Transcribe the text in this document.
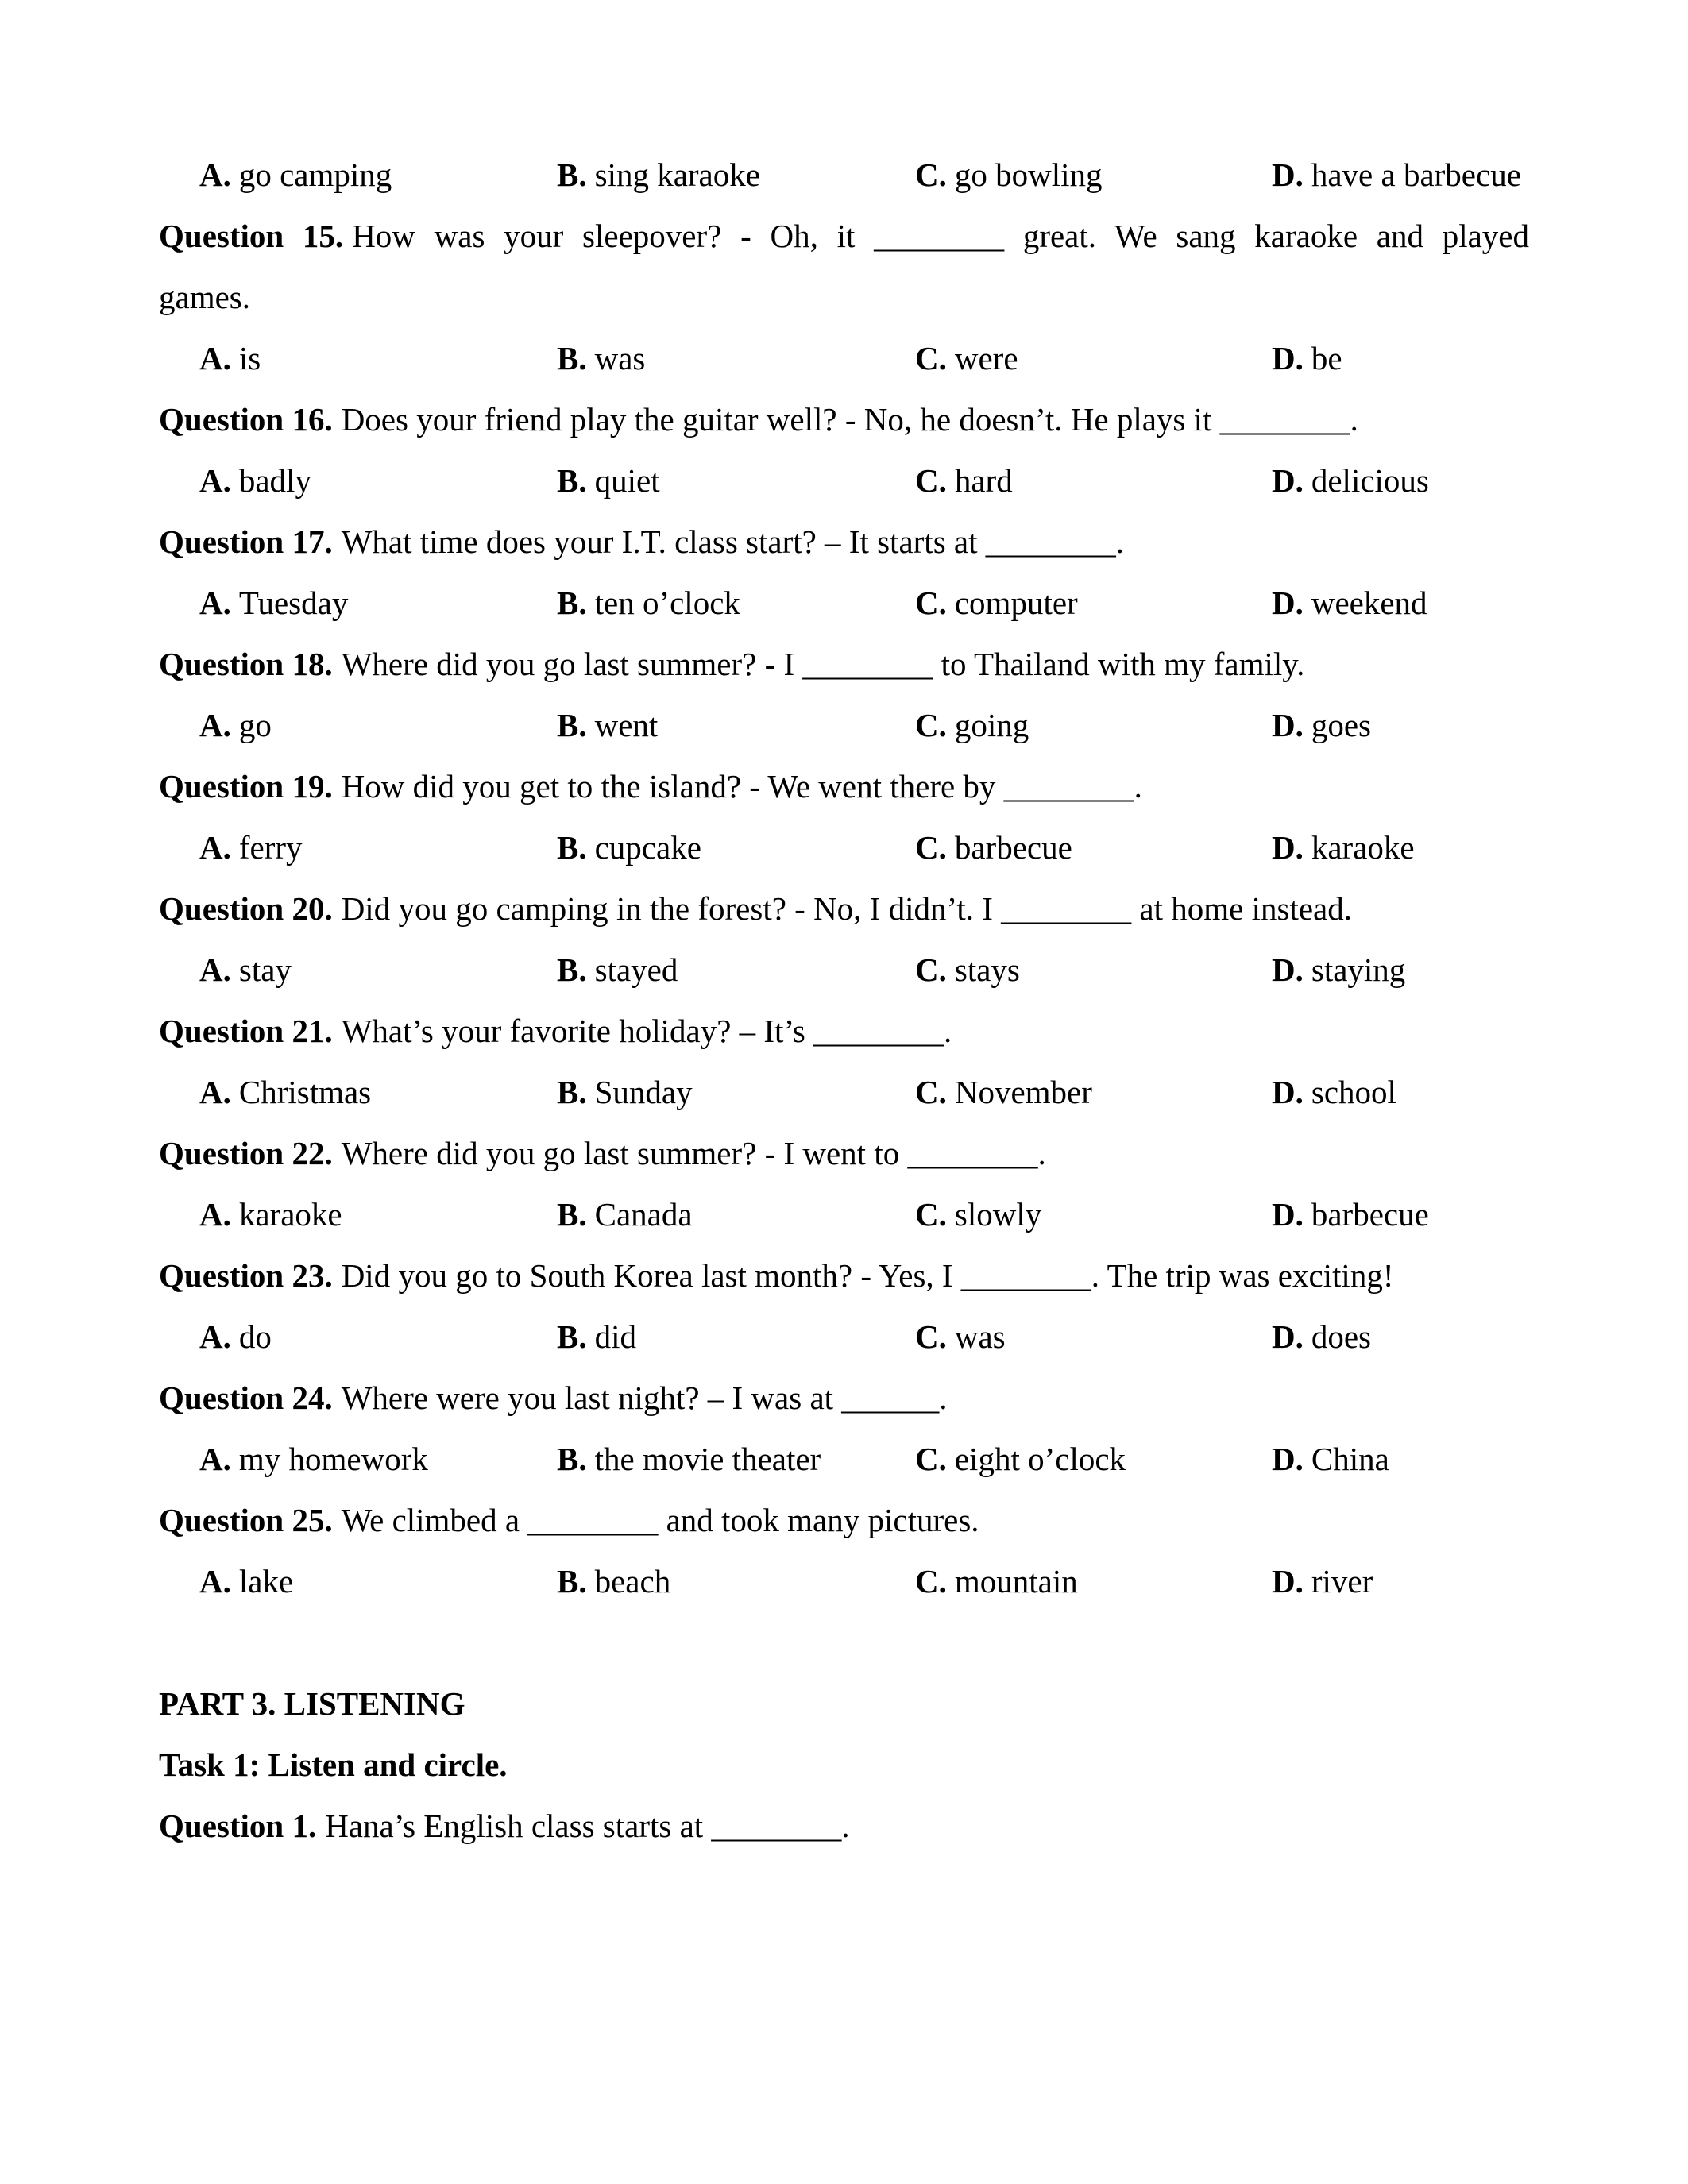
A. go camping	B. sing karaoke	C. go bowling	D. have a barbecue
Question 15. How was your sleepover? - Oh, it ________ great. We sang karaoke and played
games.
A. is	B. was	C. were	D. be
Question 16. Does your friend play the guitar well? - No, he doesn’t. He plays it ________.
A. badly	B. quiet	C. hard	D. delicious
Question 17. What time does your I.T. class start? – It starts at ________.
A. Tuesday	B. ten o’clock	C. computer	D. weekend
Question 18. Where did you go last summer? - I ________ to Thailand with my family.
A. go	B. went	C. going	D. goes
Question 19. How did you get to the island? - We went there by ________.
A. ferry	B. cupcake	C. barbecue	D. karaoke
Question 20. Did you go camping in the forest? - No, I didn’t. I ________ at home instead.
A. stay	B. stayed	C. stays	D. staying
Question 21. What’s your favorite holiday? – It’s ________.
A. Christmas	B. Sunday	C. November	D. school
Question 22. Where did you go last summer? - I went to ________.
A. karaoke	B. Canada	C. slowly	D. barbecue
Question 23. Did you go to South Korea last month? - Yes, I ________. The trip was exciting!
A. do	B. did	C. was	D. does
Question 24. Where were you last night? – I was at ______.
A. my homework	B. the movie theater	C. eight o’clock	D. China
Question 25. We climbed a ________ and took many pictures.
A. lake	B. beach	C. mountain	D. river
PART 3. LISTENING
Task 1: Listen and circle.
Question 1. Hana’s English class starts at ________.
